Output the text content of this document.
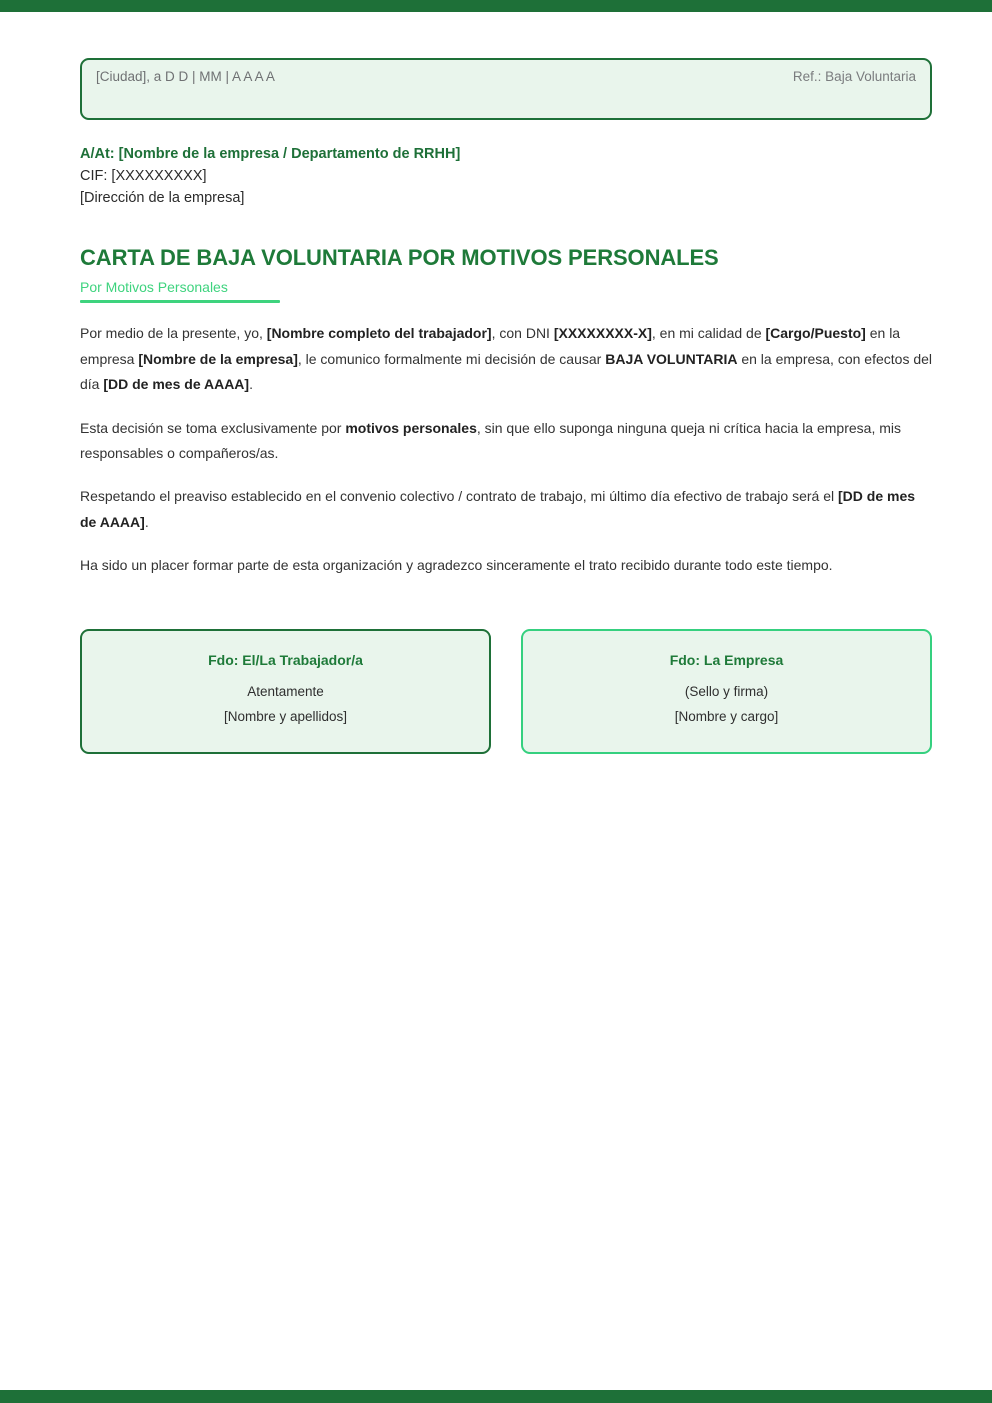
[Ciudad], a D D | MM | A A A A	Ref.: Baja Voluntaria
A/At: [Nombre de la empresa / Departamento de RRHH]
CIF: [XXXXXXXXX]
[Dirección de la empresa]
CARTA DE BAJA VOLUNTARIA POR MOTIVOS PERSONALES
Por Motivos Personales

Por medio de la presente, yo, [Nombre completo del trabajador], con DNI [XXXXXXXX-X], en mi calidad de [Cargo/Puesto] en la empresa [Nombre de la empresa], le comunico formalmente mi decisión de causar BAJA VOLUNTARIA en la empresa, con efectos del día [DD de mes de AAAA].

Esta decisión se toma exclusivamente por motivos personales, sin que ello suponga ninguna queja ni crítica hacia la empresa, mis responsables o compañeros/as.

Respetando el preaviso establecido en el convenio colectivo / contrato de trabajo, mi último día efectivo de trabajo será el [DD de mes de AAAA].

Ha sido un placer formar parte de esta organización y agradezco sinceramente el trato recibido durante todo este tiempo.

Fdo: El/La Trabajador/a
Atentamente
[Nombre y apellidos]
Fdo: La Empresa
(Sello y firma)
[Nombre y cargo]
